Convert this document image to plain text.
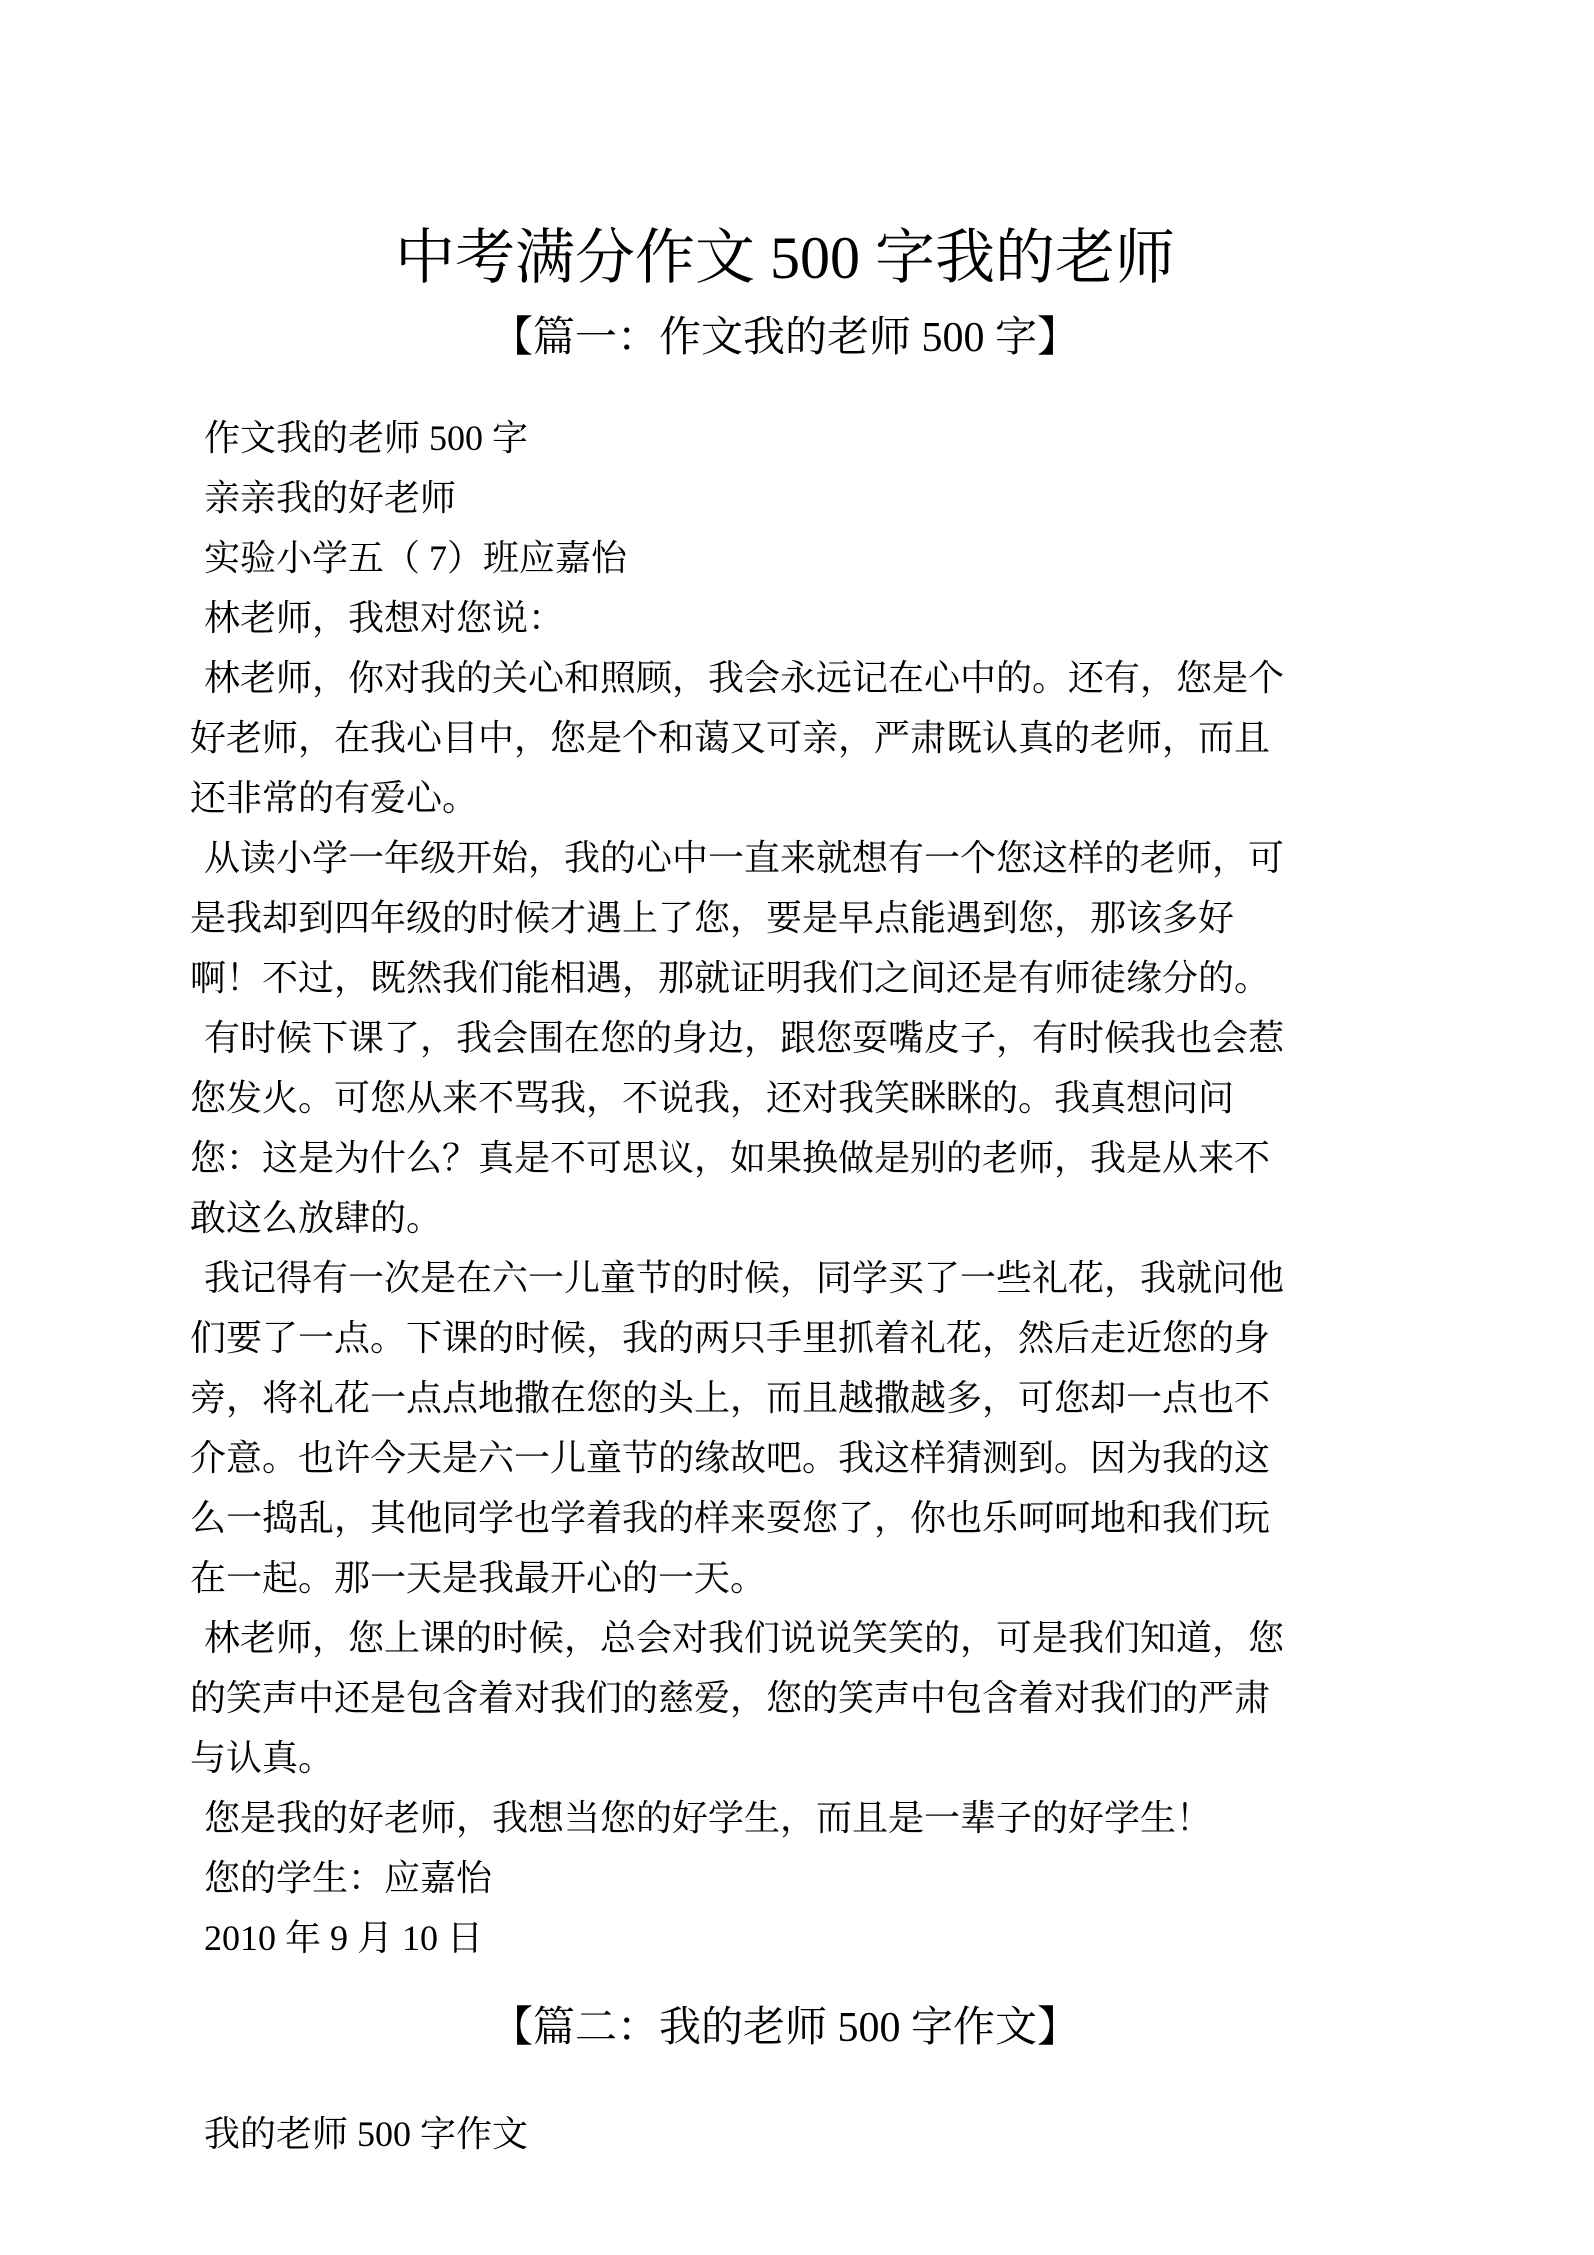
中考满分作文 500 字我的老师
【篇一：作文我的老师 500 字】

作文我的老师 500 字

亲亲我的好老师

实验小学五（ 7）班应嘉怡

林老师，我想对您说：

林老师，你对我的关心和照顾，我会永远记在心中的。还有，您是个好老师，在我心目中，您是个和蔼又可亲，严肃既认真的老师，而且还非常的有爱心。

从读小学一年级开始，我的心中一直来就想有一个您这样的老师，可是我却到四年级的时候才遇上了您，要是早点能遇到您，那该多好啊！不过，既然我们能相遇，那就证明我们之间还是有师徒缘分的。

有时候下课了，我会围在您的身边，跟您耍嘴皮子，有时候我也会惹您发火。可您从来不骂我，不说我，还对我笑眯眯的。我真想问问您：这是为什么？真是不可思议，如果换做是别的老师，我是从来不敢这么放肆的。

我记得有一次是在六一儿童节的时候，同学买了一些礼花，我就问他们要了一点。下课的时候，我的两只手里抓着礼花，然后走近您的身旁，将礼花一点点地撒在您的头上，而且越撒越多，可您却一点也不介意。也许今天是六一儿童节的缘故吧。我这样猜测到。因为我的这么一捣乱，其他同学也学着我的样来耍您了，你也乐呵呵地和我们玩在一起。那一天是我最开心的一天。

林老师，您上课的时候，总会对我们说说笑笑的，可是我们知道，您的笑声中还是包含着对我们的慈爱，您的笑声中包含着对我们的严肃与认真。

您是我的好老师，我想当您的好学生，而且是一辈子的好学生！

您的学生：应嘉怡

2010 年 9 月 10 日

【篇二：我的老师 500 字作文】

我的老师 500 字作文
